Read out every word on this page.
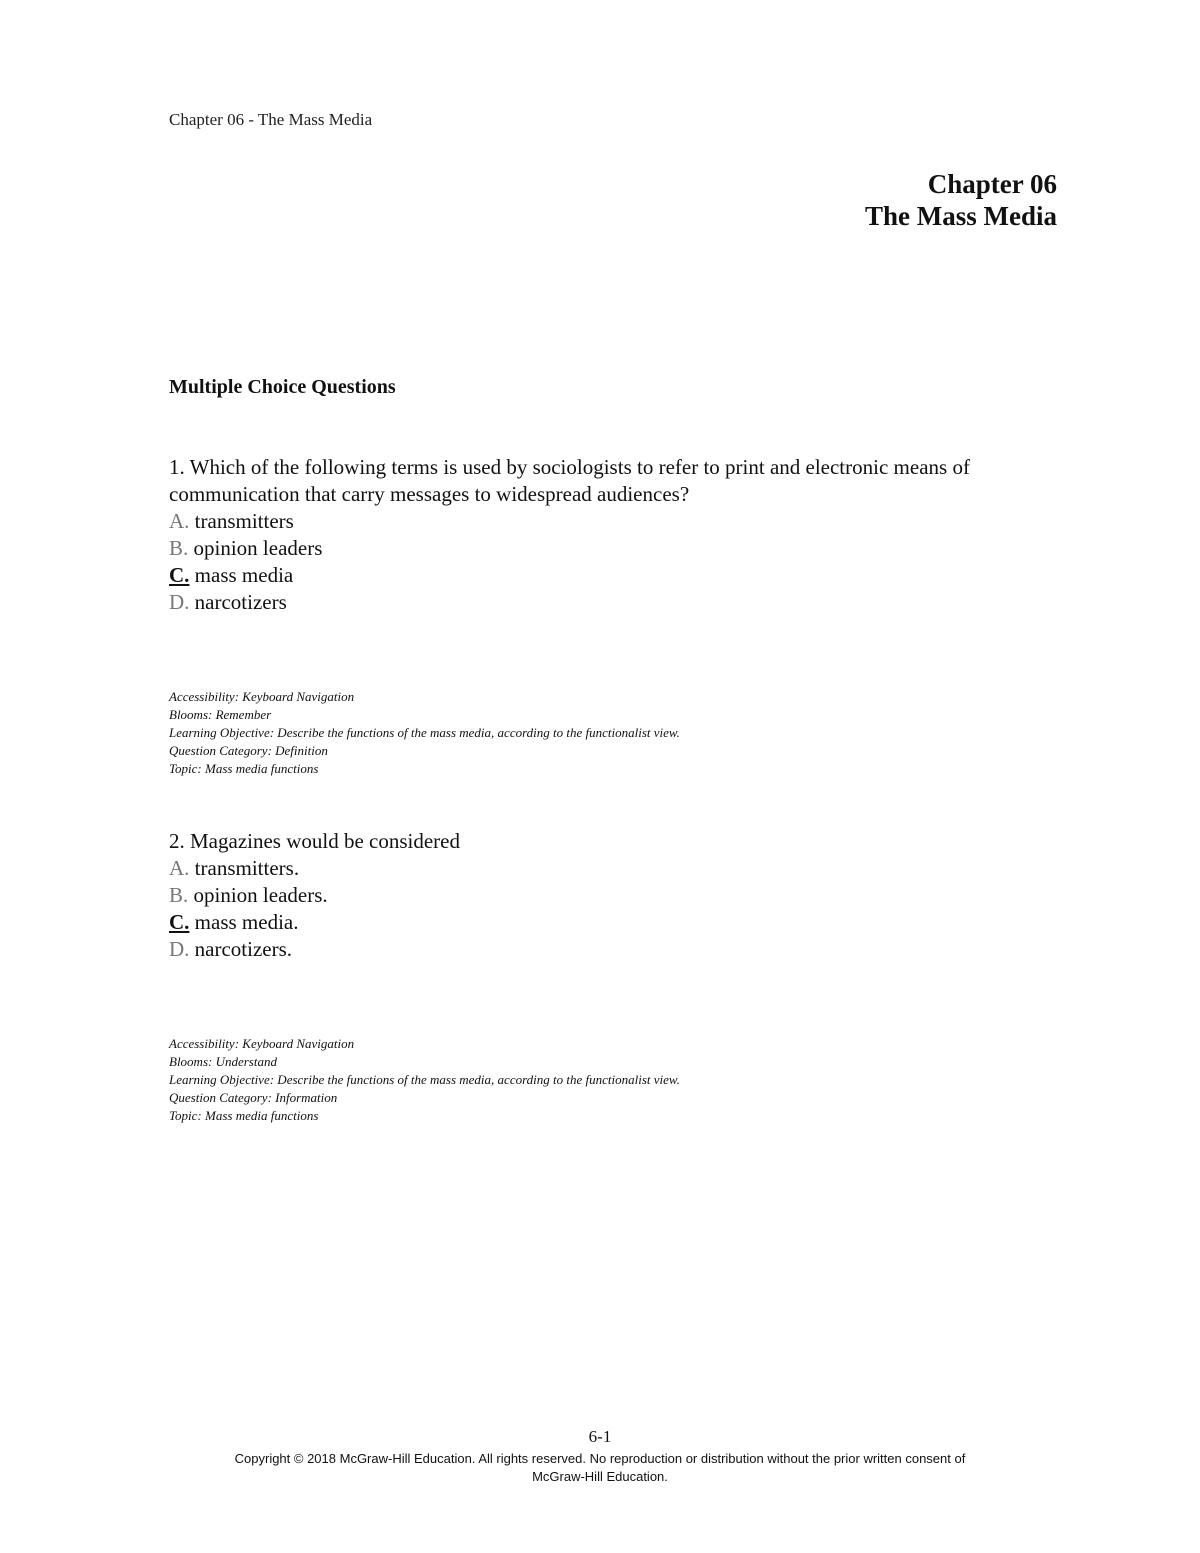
Chapter 06 - The Mass Media
Chapter 06
The Mass Media
Multiple Choice Questions

1. Which of the following terms is used by sociologists to refer to print and electronic means of communication that carry messages to widespread audiences?

A. transmitters
B. opinion leaders
C. mass media
D. narcotizers
Accessibility: Keyboard Navigation
Blooms: Remember
Learning Objective: Describe the functions of the mass media, according to the functionalist view.
Question Category: Definition
Topic: Mass media functions

2. Magazines would be considered

A. transmitters.
B. opinion leaders.
C. mass media.
D. narcotizers.
Accessibility: Keyboard Navigation
Blooms: Understand
Learning Objective: Describe the functions of the mass media, according to the functionalist view.
Question Category: Information
Topic: Mass media functions
6-1
Copyright © 2018 McGraw-Hill Education. All rights reserved. No reproduction or distribution without the prior written consent of
McGraw-Hill Education.
